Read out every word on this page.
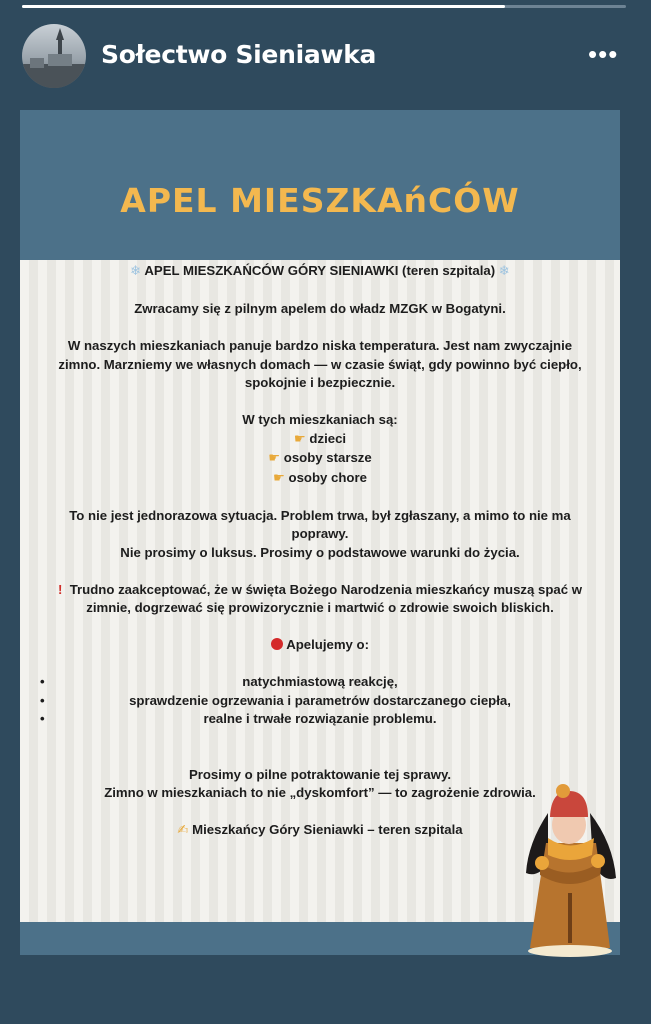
Sołectwo Sieniawka	•••
APEL MIESZKAńCÓW

❄ APEL MIESZKAŃCÓW GÓRY SIENIAWKI (teren szpitala) ❄

Zwracamy się z pilnym apelem do władz MZGK w Bogatyni.

W naszych mieszkaniach panuje bardzo niska temperatura. Jest nam zwyczajnie

zimno. Marzniemy we własnych domach — w czasie świąt, gdy powinno być ciepło,

spokojnie i bezpiecznie.

W tych mieszkaniach są:

☛ dzieci

☛ osoby starsze

☛ osoby chore

To nie jest jednorazowa sytuacja. Problem trwa, był zgłaszany, a mimo to nie ma

poprawy.

Nie prosimy o luksus. Prosimy o podstawowe warunki do życia.

! Trudno zaakceptować, że w święta Bożego Narodzenia mieszkańcy muszą spać w

zimnie, dogrzewać się prowizorycznie i martwić o zdrowie swoich bliskich.

Apelujemy o:

• natychmiastową reakcję,
• sprawdzenie ogrzewania i parametrów dostarczanego ciepła,
• realne i trwałe rozwiązanie problemu.

Prosimy o pilne potraktowanie tej sprawy.

Zimno w mieszkaniach to nie „dyskomfort” — to zagrożenie zdrowia.

✍ Mieszkańcy Góry Sieniawki – teren szpitala
